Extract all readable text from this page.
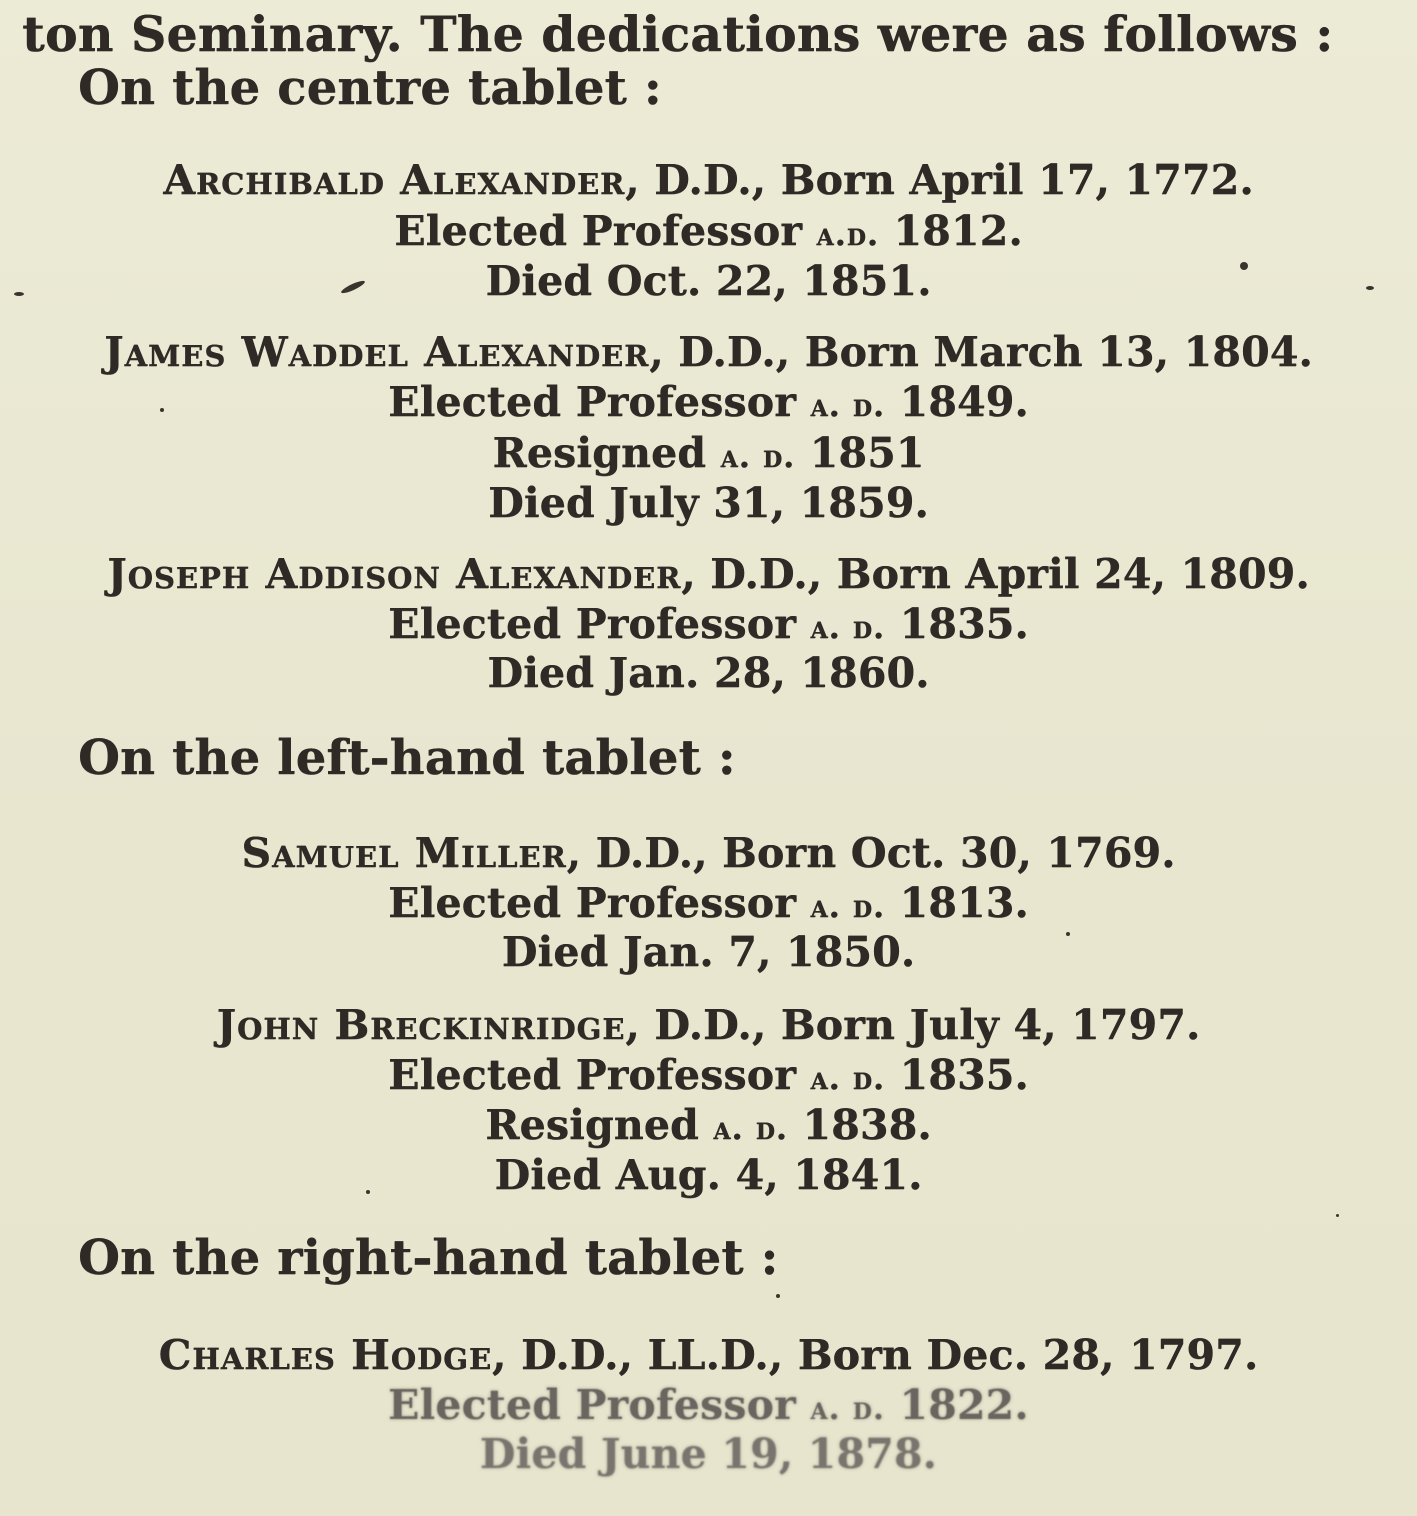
ton Seminary. The dedications were as follows :
On the centre tablet :
Archibald Alexander, D.D., Born April 17, 1772.
Elected Professor a.d. 1812.
Died Oct. 22, 1851.
James Waddel Alexander, D.D., Born March 13, 1804.
Elected Professor a. d. 1849.
Resigned a. d. 1851
Died July 31, 1859.
Joseph Addison Alexander, D.D., Born April 24, 1809.
Elected Professor a. d. 1835.
Died Jan. 28, 1860.
On the left-hand tablet :
Samuel Miller, D.D., Born Oct. 30, 1769.
Elected Professor a. d. 1813.
Died Jan. 7, 1850.
John Breckinridge, D.D., Born July 4, 1797.
Elected Professor a. d. 1835.
Resigned a. d. 1838.
Died Aug. 4, 1841.
On the right-hand tablet :
Charles Hodge, D.D., LL.D., Born Dec. 28, 1797.
Elected Professor a. d. 1822.
Died June 19, 1878.
